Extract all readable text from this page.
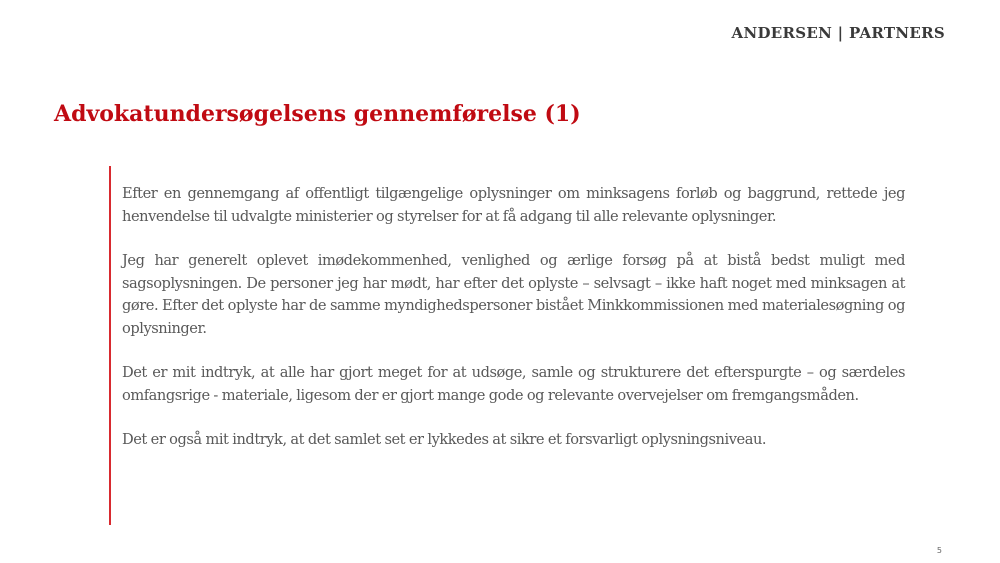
ANDERSEN | PARTNERS
Advokatundersøgelsens gennemførelse (1)

Efter en gennemgang af offentligt tilgængelige oplysninger om minksagens forløb og baggrund, rettede jeg henvendelse til udvalgte ministerier og styrelser for at få adgang til alle relevante oplysninger.

Jeg har generelt oplevet imødekommenhed, venlighed og ærlige forsøg på at bistå bedst muligt med sagsoplysningen. De personer jeg har mødt, har efter det oplyste – selvsagt – ikke haft noget med minksagen at gøre. Efter det oplyste har de samme myndighedspersoner bistået Minkkommissionen med materialesøgning og oplysninger.

Det er mit indtryk, at alle har gjort meget for at udsøge, samle og strukturere det efterspurgte – og særdeles omfangsrige - materiale, ligesom der er gjort mange gode og relevante overvejelser om fremgangsmåden.

Det er også mit indtryk, at det samlet set er lykkedes at sikre et forsvarligt oplysningsniveau.

5
